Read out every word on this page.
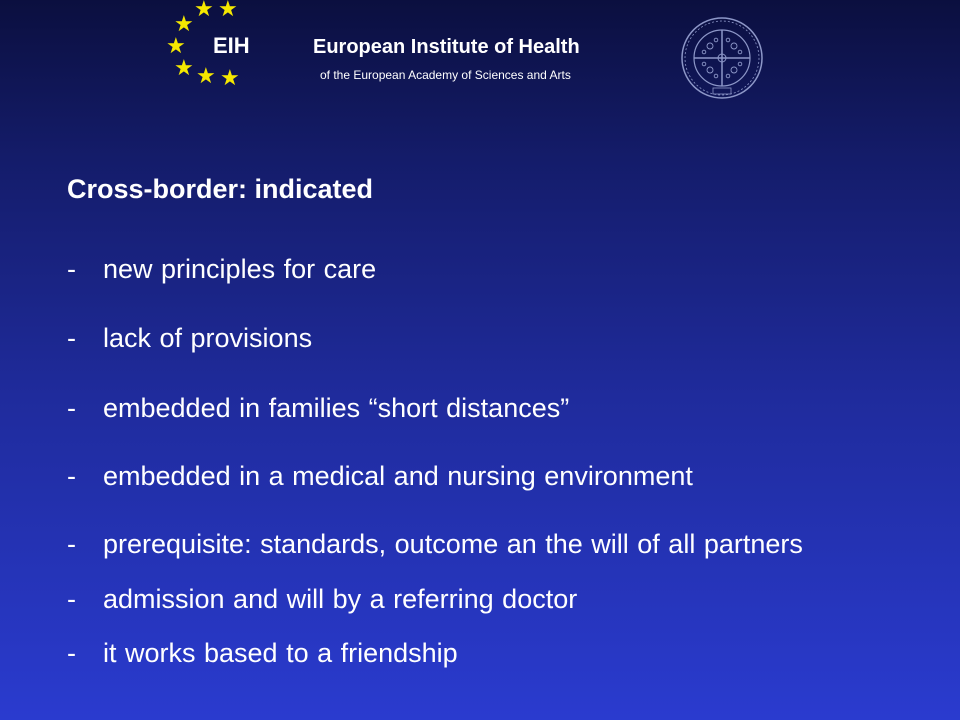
★ ★
★
★
★ ★ ★
EIH	European Institute of Health
of the European Academy of Sciences and Arts
Cross-border: indicated
- new principles for care
- lack of provisions
- embedded in families “short distances”
- embedded in a medical and nursing environment
- prerequisite: standards, outcome an the will of all partners
- admission and will by a referring doctor
- it works based to a friendship
